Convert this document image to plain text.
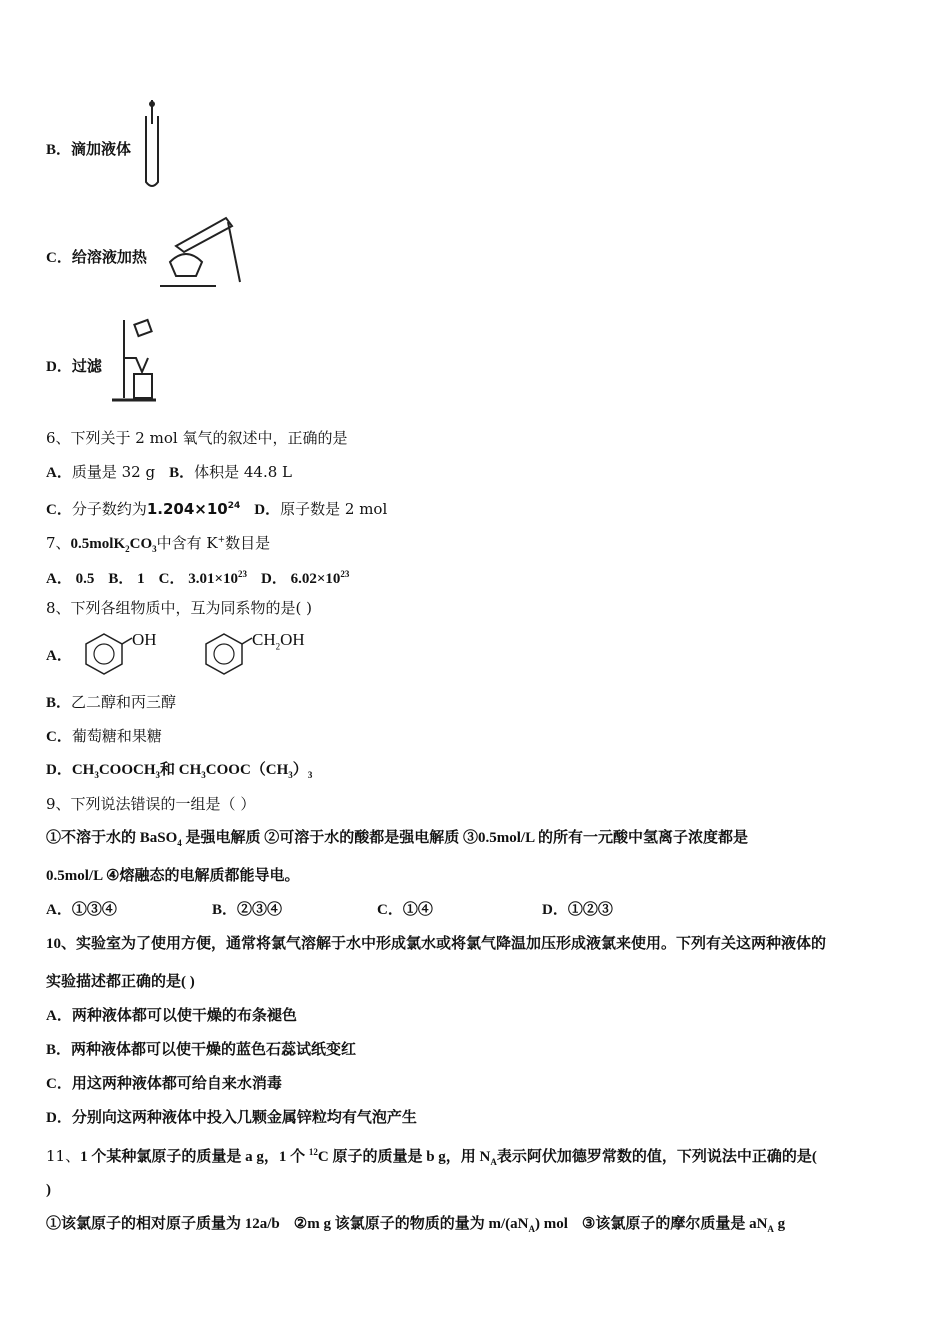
B．滴加液体
C．给溶液加热
D．过滤
6、下列关于 2 mol 氧气的叙述中，正确的是
A．质量是 32 g B．体积是 44.8 L
C．分子数约为$1.204\times 10^{24}$ D．原子数是 2 mol
7、$0.5molK_2CO_3$中含有 K+数目是
A． 0.5 B． 1 C． $3.01\times 10^{23}$ D． $6.02\times 10^{23}$
8、下列各组物质中，互为同系物的是( )
A．
OH	$CH_2OH$
B．乙二醇和丙三醇
C．葡萄糖和果糖
D．$CH_3COOCH_3$和 $CH_3COOC(CH_3)_3$
9、下列说法错误的一组是（ ）
①不溶于水的 BaSO$_4$ 是强电解质 ②可溶于水的酸都是强电解质 ③0.5mol/L 的所有一元酸中氢离子浓度都是
0.5mol/L ④熔融态的电解质都能导电。
A．①③④	B．②③④	C．①④	D．①②③
10、实验室为了使用方便，通常将氯气溶解于水中形成氯水或将氯气降温加压形成液氯来使用。下列有关这两种液体的
实验描述都正确的是( )
A．两种液体都可以使干燥的布条褪色
B．两种液体都可以使干燥的蓝色石蕊试纸变红
C．用这两种液体都可给自来水消毒
D．分别向这两种液体中投入几颗金属锌粒均有气泡产生
11、1 个某种氯原子的质量是 a g，1 个 $^{12}$C 原子的质量是 b g，用 $N_A$表示阿伏加德罗常数的值，下列说法中正确的是(
)
①该氯原子的相对原子质量为 12a/b ②m g 该氯原子的物质的量为 $m/(aN_A)$ mol ③该氯原子的摩尔质量是 $aN_A$ g
